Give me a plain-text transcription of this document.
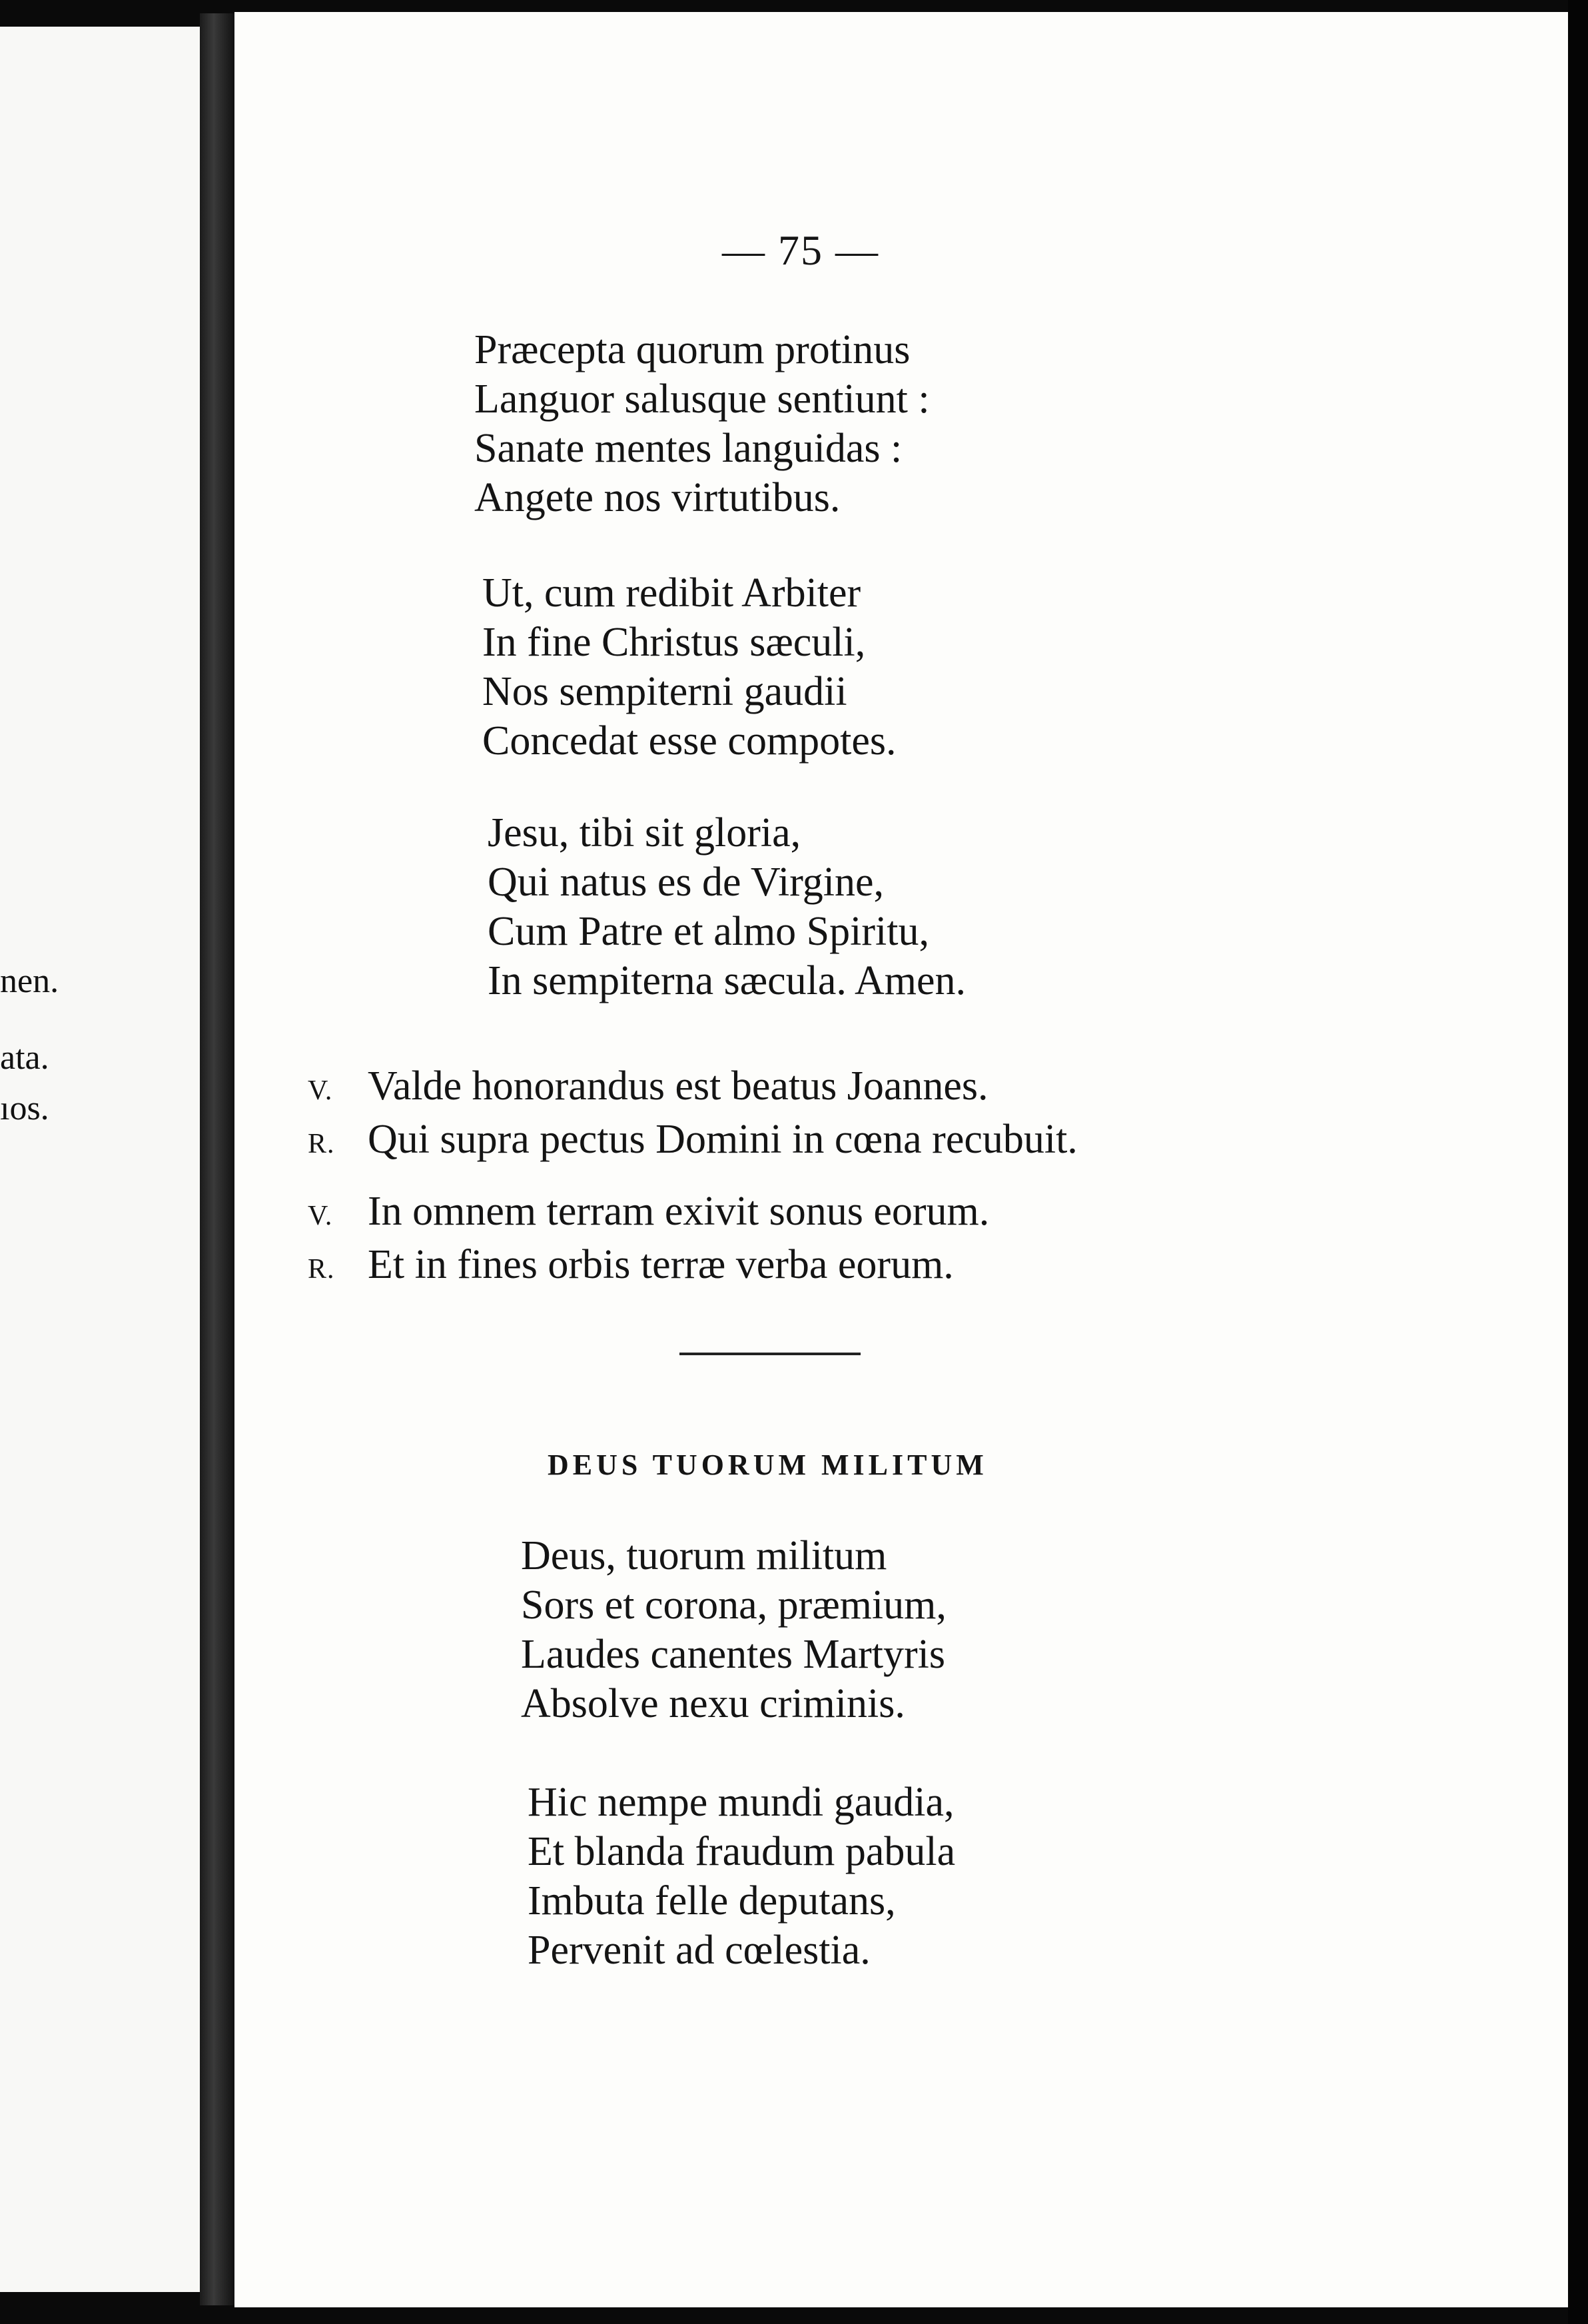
nen.
ata.
ıos.
— 75 —
Præcepta quorum protinus
Languor salusque sentiunt :
Sanate mentes languidas :
Angete nos virtutibus.
Ut, cum redibit Arbiter
In fine Christus sæculi,
Nos sempiterni gaudii
Concedat esse compotes.
Jesu, tibi sit gloria,
Qui natus es de Virgine,
Cum Patre et almo Spiritu,
In sempiterna sæcula. Amen.
V. Valde honorandus est beatus Joannes.
R. Qui supra pectus Domini in cœna recubuit.
V. In omnem terram exivit sonus eorum.
R. Et in fines orbis terræ verba eorum.
DEUS TUORUM MILITUM
Deus, tuorum militum
Sors et corona, præmium,
Laudes canentes Martyris
Absolve nexu criminis.
Hic nempe mundi gaudia,
Et blanda fraudum pabula
Imbuta felle deputans,
Pervenit ad cœlestia.
